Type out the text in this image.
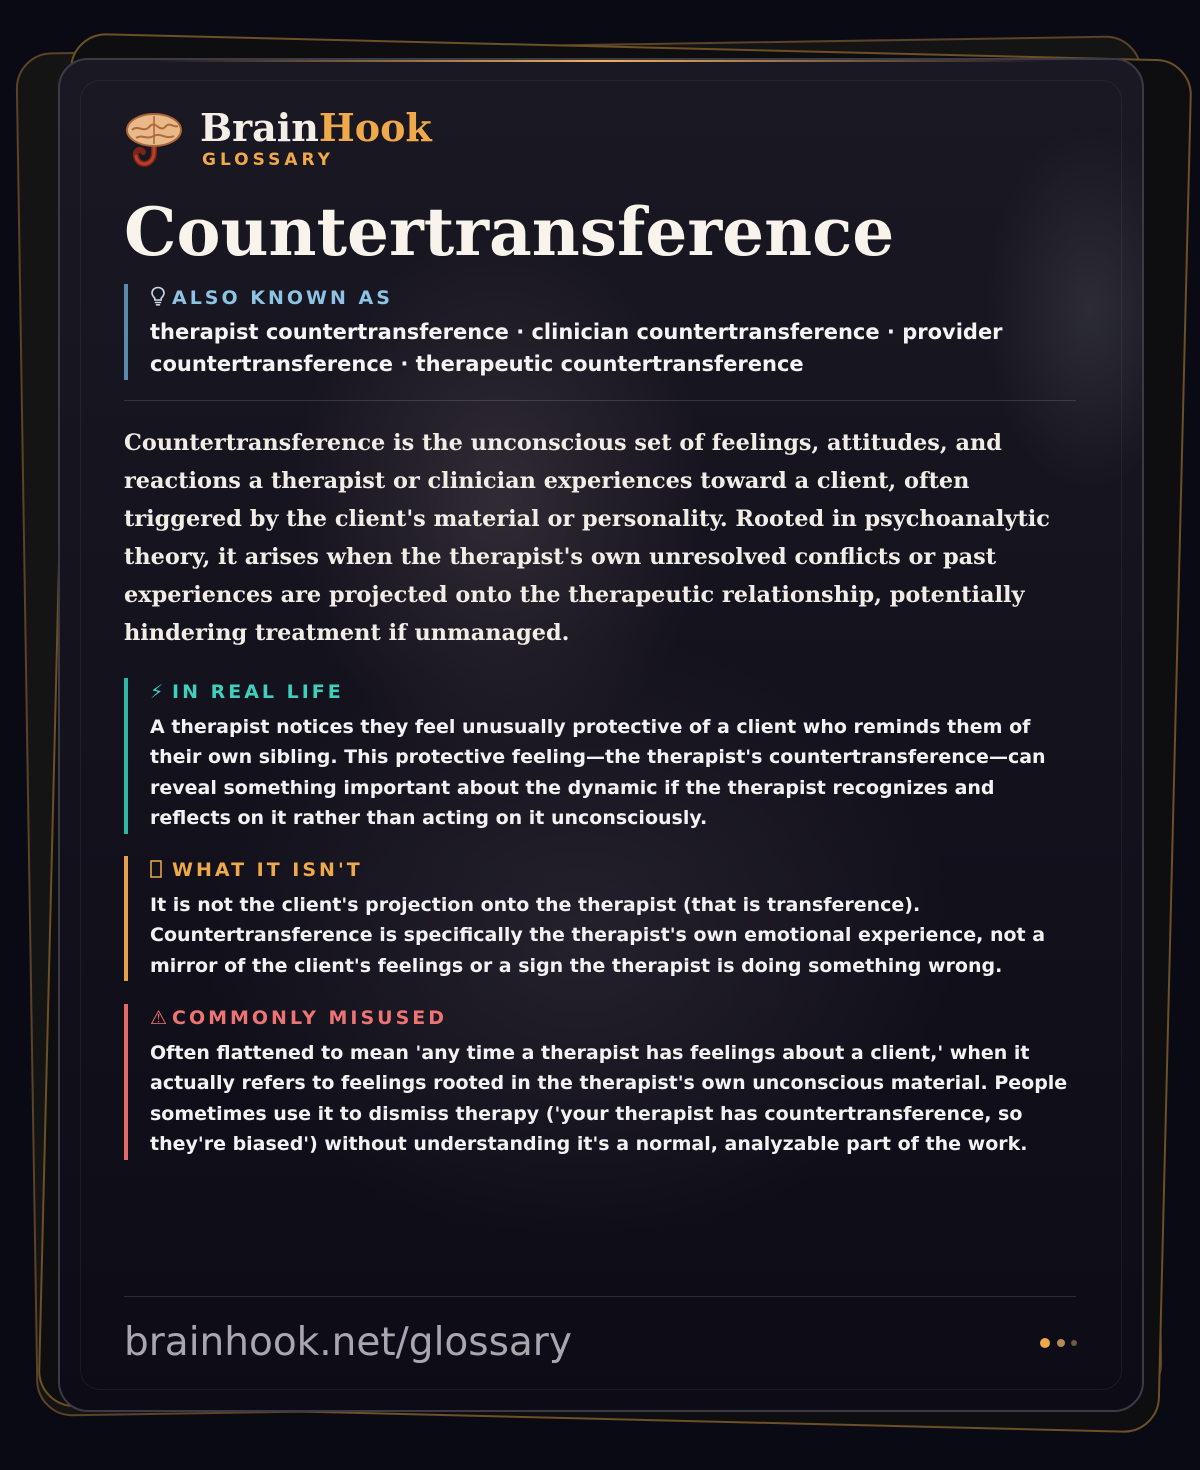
BrainHook
GLOSSARY
Countertransference
ALSO KNOWN AS
therapist countertransference · clinician countertransference · provider countertransference · therapeutic countertransference

Countertransference is the unconscious set of feelings, attitudes, and reactions a therapist or clinician experiences toward a client, often triggered by the client's material or personality. Rooted in psychoanalytic theory, it arises when the therapist's own unresolved conflicts or past experiences are projected onto the therapeutic relationship, potentially hindering treatment if unmanaged.

⚡ IN REAL LIFE
A therapist notices they feel unusually protective of a client who reminds them of their own sibling. This protective feeling—the therapist's countertransference—can reveal something important about the dynamic if the therapist recognizes and reflects on it rather than acting on it unconsciously.
WHAT IT ISN'T
It is not the client's projection onto the therapist (that is transference). Countertransference is specifically the therapist's own emotional experience, not a mirror of the client's feelings or a sign the therapist is doing something wrong.
⚠ COMMONLY MISUSED
Often flattened to mean 'any time a therapist has feelings about a client,' when it actually refers to feelings rooted in the therapist's own unconscious material. People sometimes use it to dismiss therapy ('your therapist has countertransference, so they're biased') without understanding it's a normal, analyzable part of the work.
brainhook.net/glossary
